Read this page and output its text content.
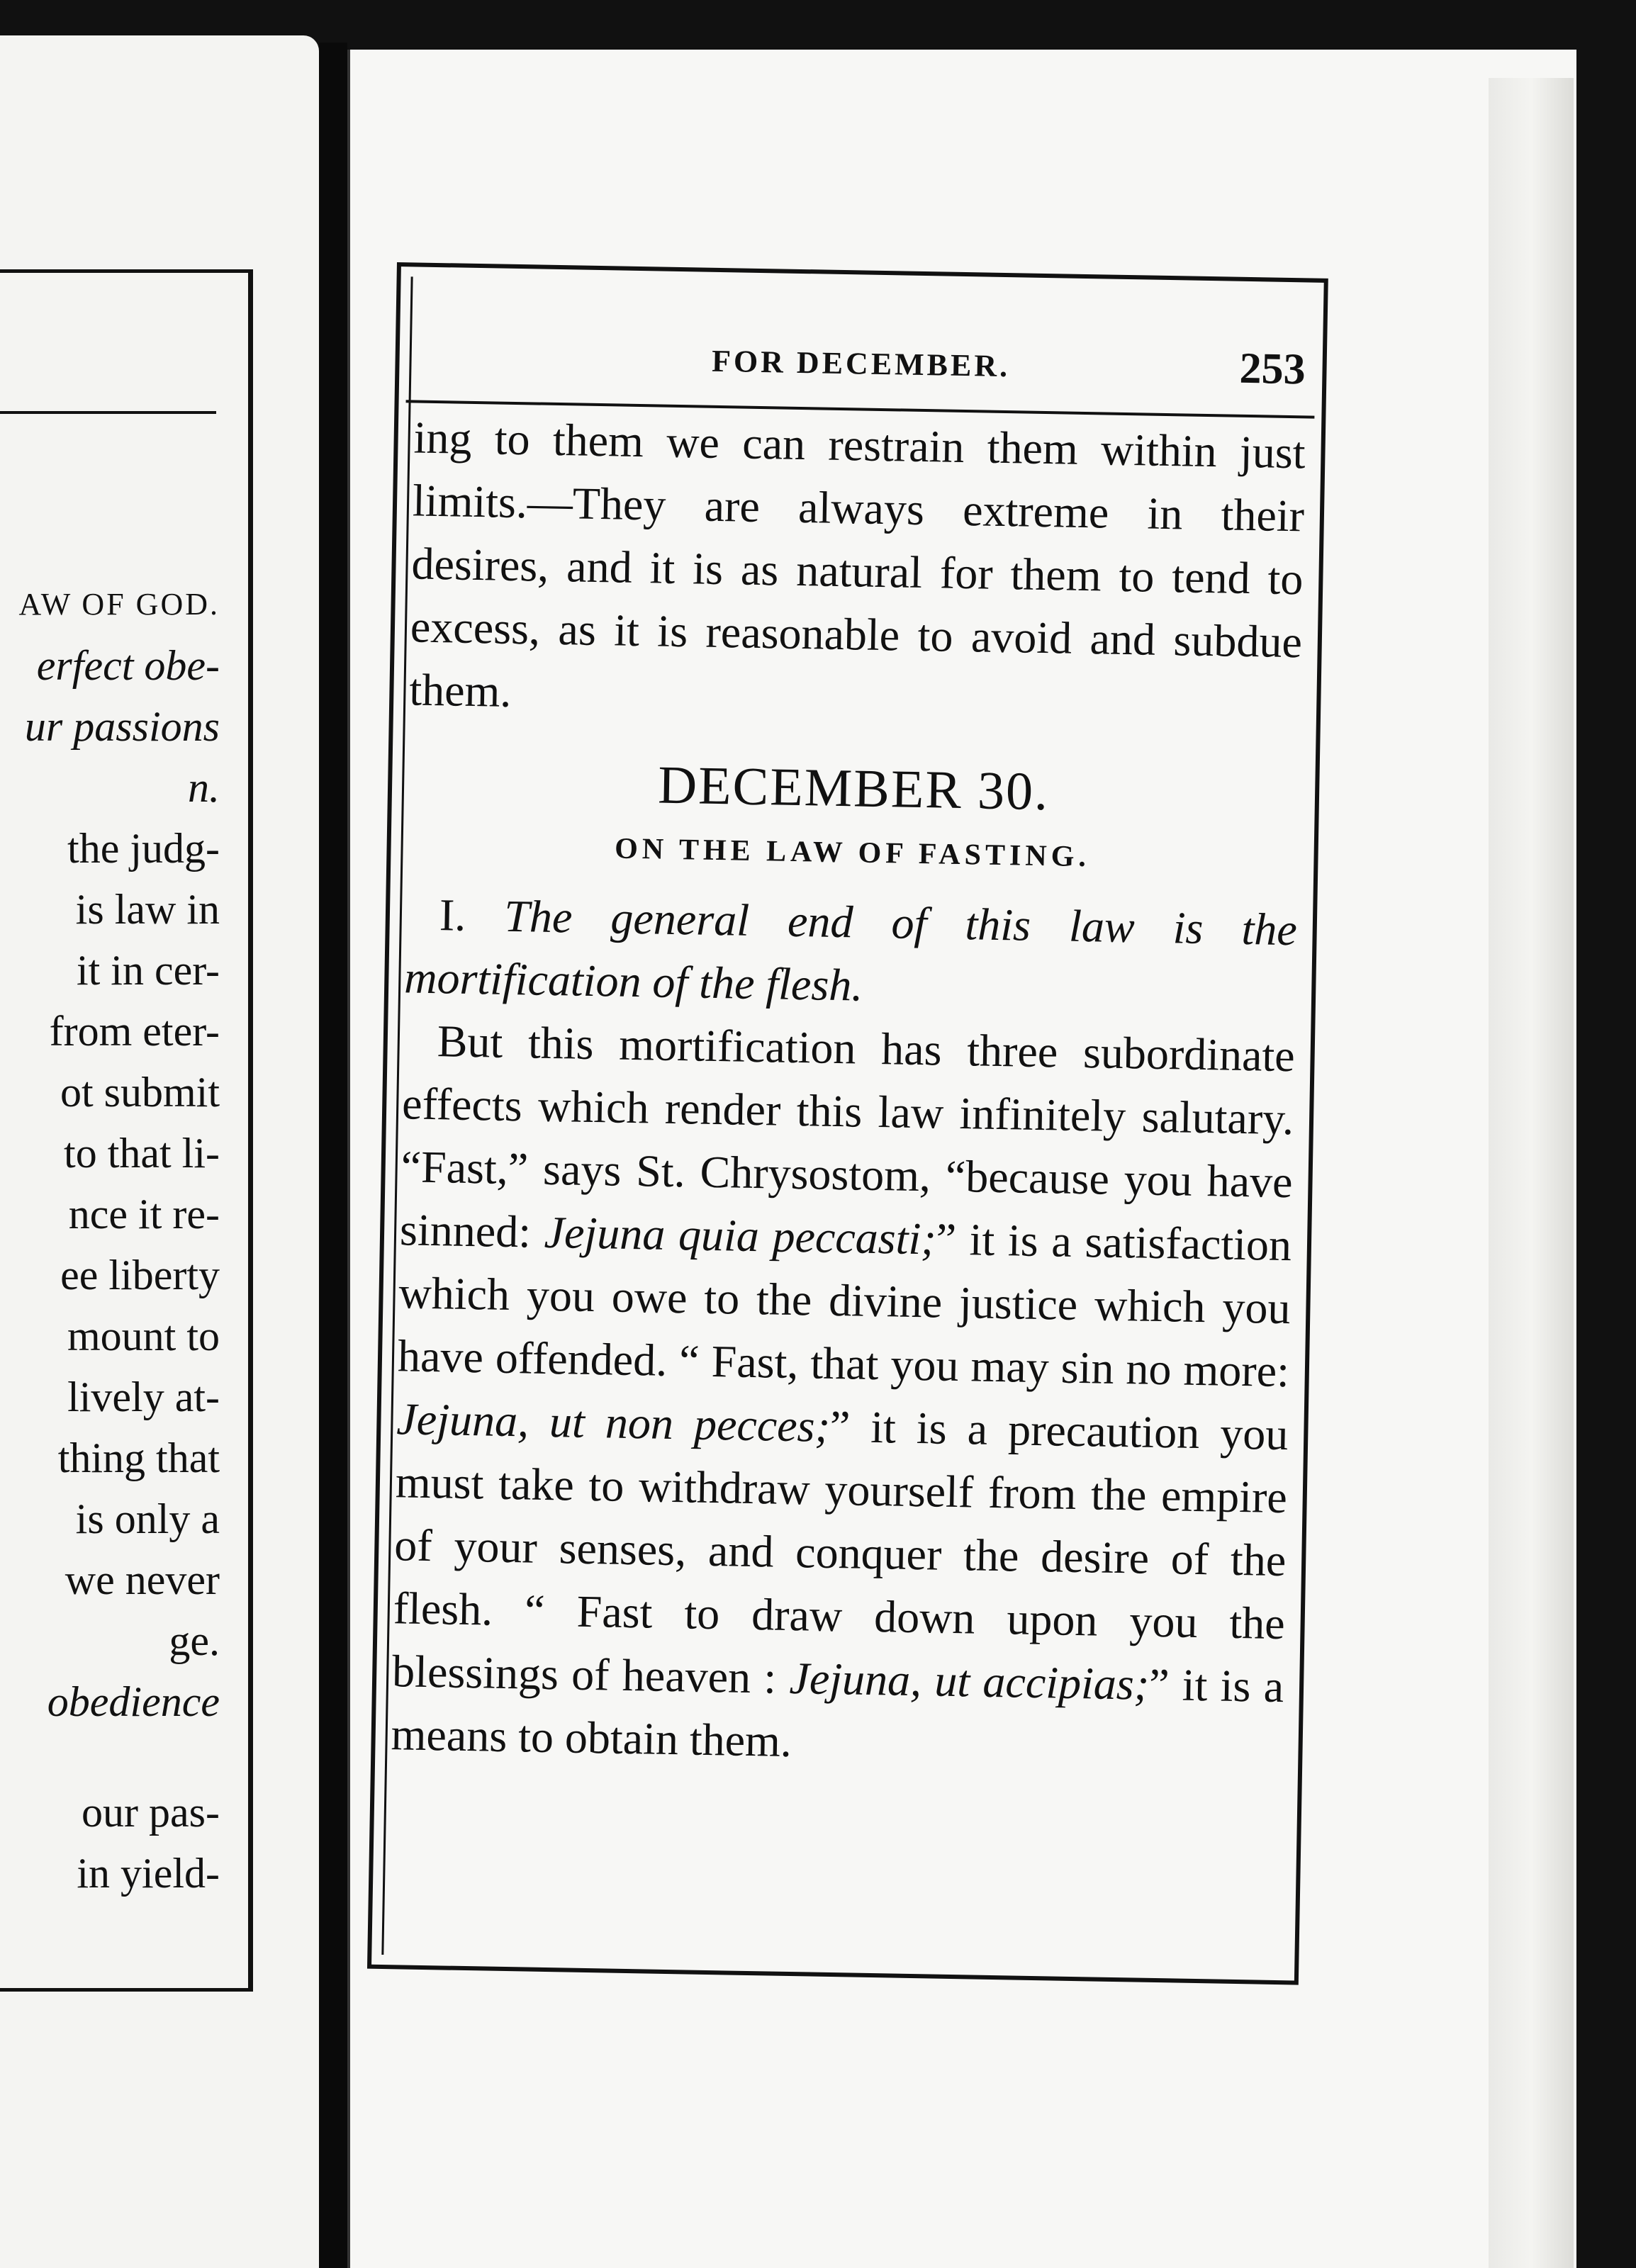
AW OF GOD.
erfect obe-
ur passions
n.
the judg-
is law in
it in cer-
from eter-
ot submit
to that li-
nce it re-
ee liberty
mount to
lively at-
thing that
is only a
we never
ge.
obedience
our pas-
in yield-
FOR DECEMBER.	253

ing to them we can restrain them within just limits.—They are always extreme in their desires, and it is as natural for them to tend to excess, as it is reasonable to avoid and subdue them.

DECEMBER 30.
ON THE LAW OF FASTING.

I. The general end of this law is the mortification of the flesh.

But this mortification has three subordinate effects which render this law infinitely salutary. “Fast,” says St. Chrysostom, “because you have sinned: Jejuna quia peccasti;” it is a satisfaction which you owe to the divine justice which you have offended. “ Fast, that you may sin no more: Jejuna, ut non pecces;” it is a precaution you must take to withdraw yourself from the empire of your senses, and conquer the desire of the flesh. “ Fast to draw down upon you the blessings of heaven : Jejuna, ut accipias;” it is a means to obtain them.
